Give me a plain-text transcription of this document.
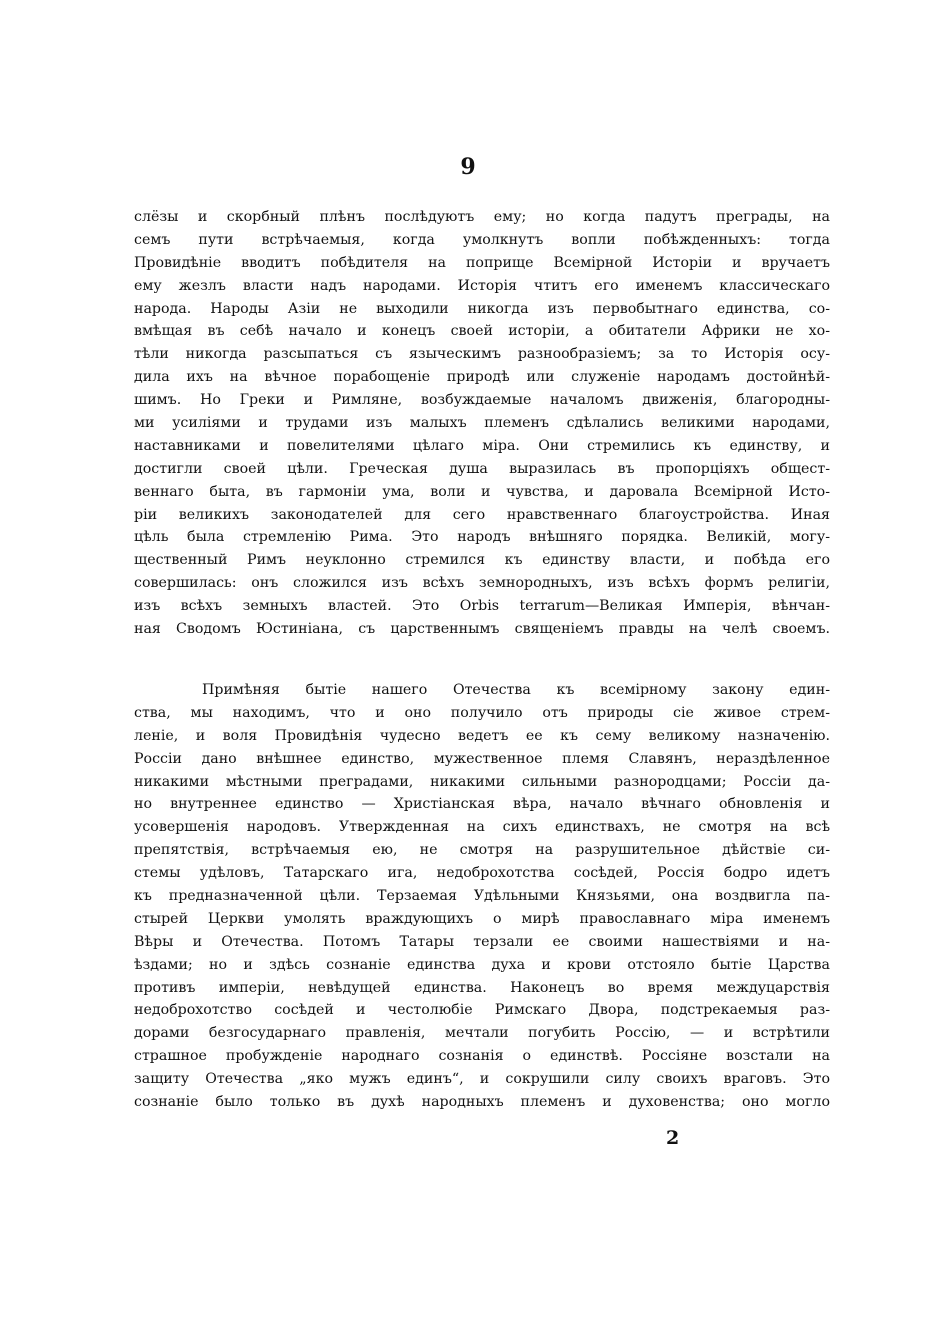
9
слёзы и скорбный плѣнъ послѣдуютъ ему; но когда падутъ преграды, на
семъ пути встрѣчаемыя, когда умолкнутъ вопли побѣжденныхъ: тогда
Провидѣніе вводитъ побѣдителя на поприще Всемірной Исторіи и вручаетъ
ему жезлъ власти надъ народами. Исторія чтитъ его именемъ классическаго
народа. Народы Азіи не выходили никогда изъ первобытнаго единства, со-
вмѣщая въ себѣ начало и конецъ своей исторіи, а обитатели Африки не хо-
тѣли никогда разсыпаться съ языческимъ разнообразіемъ; за то Исторія осу-
дила ихъ на вѣчное порабощеніе природѣ или служеніе народамъ достойнѣй-
шимъ. Но Греки и Римляне, возбуждаемые началомъ движенія, благородны-
ми усиліями и трудами изъ малыхъ племенъ сдѣлались великими народами,
наставниками и повелителями цѣлаго міра. Они стремились къ единству, и
достигли своей цѣли. Греческая душа выразилась въ пропорціяхъ общест-
веннаго быта, въ гармоніи ума, воли и чувства, и даровала Всемірной Исто-
ріи великихъ законодателей для сего нравственнаго благоустройства. Иная
цѣль была стремленію Рима. Это народъ внѣшняго порядка. Великій, могу-
щественный Римъ неуклонно стремился къ единству власти, и побѣда его
совершилась: онъ сложился изъ всѣхъ земнородныхъ, изъ всѣхъ формъ религіи,
изъ всѣхъ земныхъ властей. Это Orbis terrarum—Великая Имперія, вѣнчан-
ная Сводомъ Юстиніана, съ царственнымъ священіемъ правды на челѣ своемъ.
Примѣняя бытіе нашего Отечества къ всемірному закону един-
ства, мы находимъ, что и оно получило отъ природы сіе живое стрем-
леніе, и воля Провидѣнія чудесно ведетъ ее къ сему великому назначенію.
Россіи дано внѣшнее единство, мужественное племя Славянъ, нераздѣленное
никакими мѣстными преградами, никакими сильными разнородцами; Россіи да-
но внутреннее единство — Христіанская вѣра, начало вѣчнаго обновленія и
усовершенія народовъ. Утвержденная на сихъ единствахъ, не смотря на всѣ
препятствія, встрѣчаемыя ею, не смотря на разрушительное дѣйствіе си-
стемы удѣловъ, Татарскаго ига, недоброхотства сосѣдей, Россія бодро идетъ
къ предназначенной цѣли. Терзаемая Удѣльными Князьями, она воздвигла па-
стырей Церкви умолять враждующихъ о мирѣ православнаго міра именемъ
Вѣры и Отечества. Потомъ Татары терзали ее своими нашествіями и на-
ѣздами; но и здѣсь сознаніе единства духа и крови отстояло бытіе Царства
противъ имперіи, невѣдущей единства. Наконецъ во время междуцарствія
недоброхотство сосѣдей и честолюбіе Римскаго Двора, подстрекаемыя раз-
дорами безгосударнаго правленія, мечтали погубить Россію, — и встрѣтили
страшное пробужденіе народнаго сознанія о единствѣ. Россіяне возстали на
защиту Отечества „яко мужъ единъ“, и сокрушили силу своихъ враговъ. Это
сознаніе было только въ духѣ народныхъ племенъ и духовенства; оно могло
2
